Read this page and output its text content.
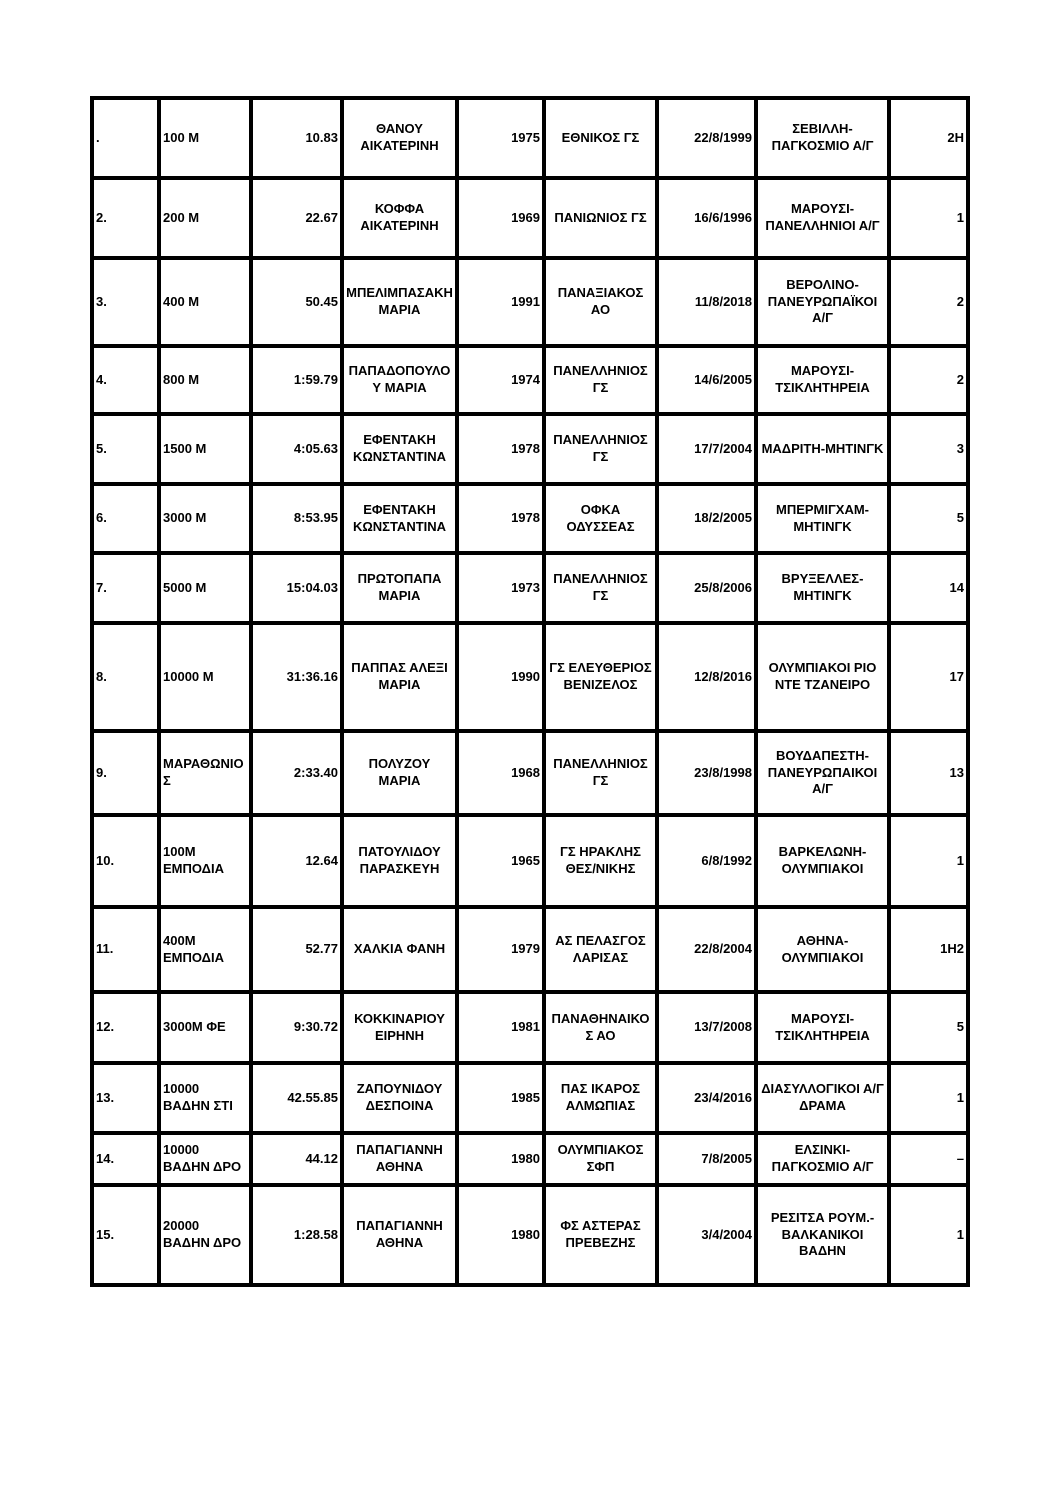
.	100 M	10.83	ΘΑΝΟΥ ΑΙΚΑΤΕΡΙΝΗ	1975	ΕΘΝΙΚΟΣ ΓΣ	22/8/1999	ΣΕΒΙΛΛΗ-ΠΑΓΚΟΣΜΙΟ Α/Γ	2H
2.	200 M	22.67	ΚΟΦΦΑ ΑΙΚΑΤΕΡΙΝΗ	1969	ΠΑΝΙΩΝΙΟΣ ΓΣ	16/6/1996	ΜΑΡΟΥΣΙ-ΠΑΝΕΛΛΗΝΙΟΙ Α/Γ	1
3.	400 M	50.45	ΜΠΕΛΙΜΠΑΣΑΚΗ ΜΑΡΙΑ	1991	ΠΑΝΑΞΙΑΚΟΣ ΑΟ	11/8/2018	ΒΕΡΟΛΙΝΟ-ΠΑΝΕΥΡΩΠΑΪΚΟΙ Α/Γ	2
4.	800 M	1:59.79	ΠΑΠΑΔΟΠΟΥΛΟΥ ΜΑΡΙΑ	1974	ΠΑΝΕΛΛΗΝΙΟΣ ΓΣ	14/6/2005	ΜΑΡΟΥΣΙ-ΤΣΙΚΛΗΤΗΡΕΙΑ	2
5.	1500 M	4:05.63	ΕΦΕΝΤΑΚΗ ΚΩΝΣΤΑΝΤΙΝΑ	1978	ΠΑΝΕΛΛΗΝΙΟΣ ΓΣ	17/7/2004	ΜΑΔΡΙΤΗ-ΜΗΤΙΝΓΚ	3
6.	3000 M	8:53.95	ΕΦΕΝΤΑΚΗ ΚΩΝΣΤΑΝΤΙΝΑ	1978	ΟΦΚΑ ΟΔΥΣΣΕΑΣ	18/2/2005	ΜΠΕΡΜΙΓΧΑΜ-ΜΗΤΙΝΓΚ	5
7.	5000 M	15:04.03	ΠΡΩΤΟΠΑΠΑ ΜΑΡΙΑ	1973	ΠΑΝΕΛΛΗΝΙΟΣ ΓΣ	25/8/2006	ΒΡΥΞΕΛΛΕΣ-ΜΗΤΙΝΓΚ	14
8.	10000 M	31:36.16	ΠΑΠΠΑΣ ΑΛΕΞΙ ΜΑΡΙΑ	1990	ΓΣ ΕΛΕΥΘΕΡΙΟΣ ΒΕΝΙΖΕΛΟΣ	12/8/2016	ΟΛΥΜΠΙΑΚΟΙ ΡΙΟ ΝΤΕ ΤΖΑΝΕΙΡΟ	17
9.	ΜΑΡΑΘΩΝΙΟΣ	2:33.40	ΠΟΛΥΖΟΥ ΜΑΡΙΑ	1968	ΠΑΝΕΛΛΗΝΙΟΣ ΓΣ	23/8/1998	ΒΟΥΔΑΠΕΣΤΗ-ΠΑΝΕΥΡΩΠΑΙΚΟΙ Α/Γ	13
10.	100Μ ΕΜΠΟΔΙΑ	12.64	ΠΑΤΟΥΛΙΔΟΥ ΠΑΡΑΣΚΕΥΗ	1965	ΓΣ ΗΡΑΚΛΗΣ ΘΕΣ/ΝΙΚΗΣ	6/8/1992	ΒΑΡΚΕΛΩΝΗ-ΟΛΥΜΠΙΑΚΟΙ	1
11.	400Μ ΕΜΠΟΔΙΑ	52.77	ΧΑΛΚΙΑ ΦΑΝΗ	1979	ΑΣ ΠΕΛΑΣΓΟΣ ΛΑΡΙΣΑΣ	22/8/2004	ΑΘΗΝΑ-ΟΛΥΜΠΙΑΚΟΙ	1Η2
12.	3000Μ ΦΕ	9:30.72	ΚΟΚΚΙΝΑΡΙΟΥ ΕΙΡΗΝΗ	1981	ΠΑΝΑΘΗΝΑΙΚΟΣ ΑΟ	13/7/2008	ΜΑΡΟΥΣΙ-ΤΣΙΚΛΗΤΗΡΕΙΑ	5
13.	10000 ΒΑΔΗΝ ΣΤΙ	42.55.85	ΖΑΠΟΥΝΙΔΟΥ ΔΕΣΠΟΙΝΑ	1985	ΠΑΣ ΙΚΑΡΟΣ ΑΛΜΩΠΙΑΣ	23/4/2016	ΔΙΑΣΥΛΛΟΓΙΚΟΙ Α/Γ ΔΡΑΜΑ	1
14.	10000 ΒΑΔΗΝ ΔΡΟ	44.12	ΠΑΠΑΓΙΑΝΝΗ ΑΘΗΝΑ	1980	ΟΛΥΜΠΙΑΚΟΣ ΣΦΠ	7/8/2005	ΕΛΣΙΝΚΙ-ΠΑΓΚΟΣΜΙΟ Α/Γ	–
15.	20000 ΒΑΔΗΝ ΔΡΟ	1:28.58	ΠΑΠΑΓΙΑΝΝΗ ΑΘΗΝΑ	1980	ΦΣ ΑΣΤΕΡΑΣ ΠΡΕΒΕΖΗΣ	3/4/2004	ΡΕΣΙΤΣΑ ΡΟΥΜ.-ΒΑΛΚΑΝΙΚΟΙ ΒΑΔΗΝ	1
